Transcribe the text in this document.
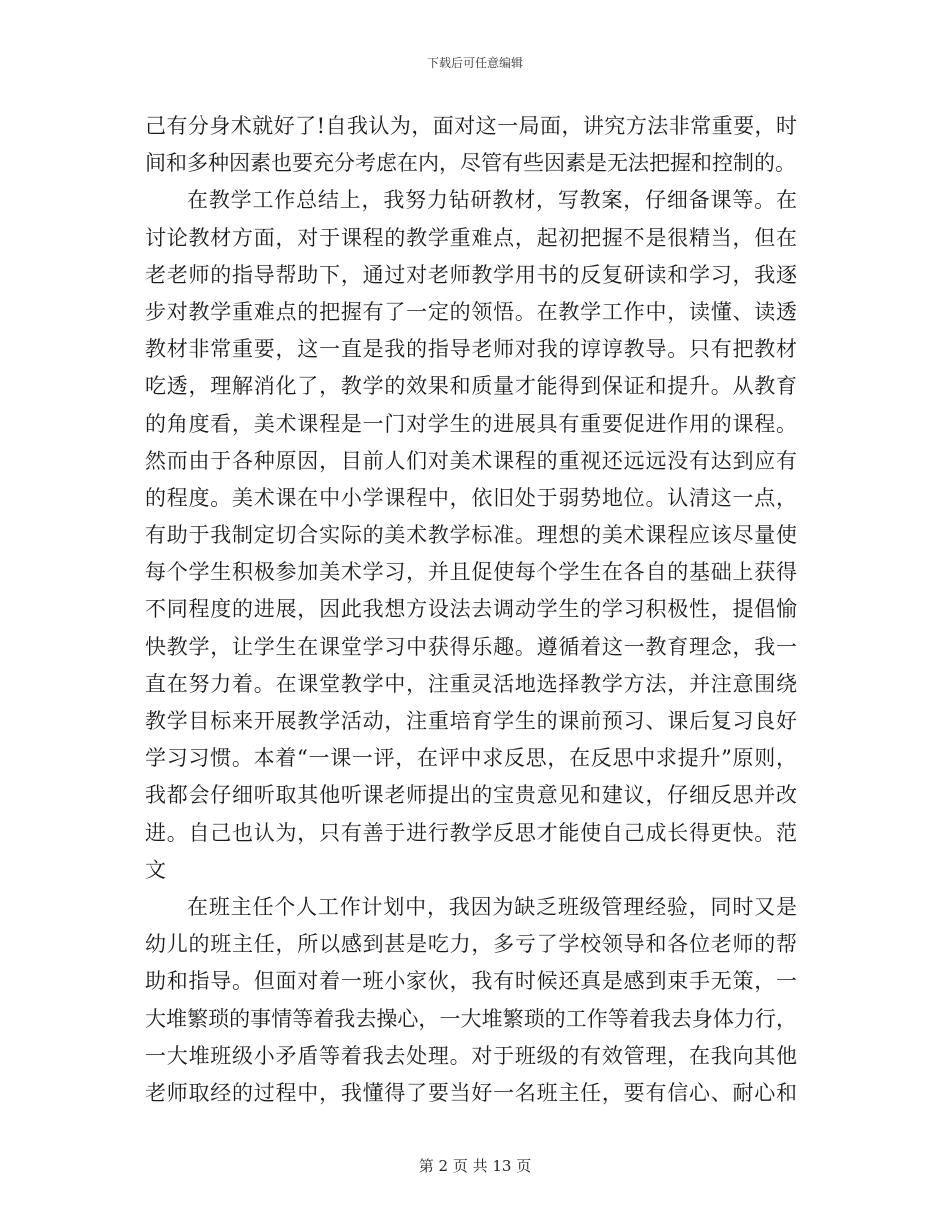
下载后可任意编辑
己有分身术就好了!自我认为，面对这一局面，讲究方法非常重要，时
间和多种因素也要充分考虑在内，尽管有些因素是无法把握和控制的。
在教学工作总结上，我努力钻研教材，写教案，仔细备课等。在
讨论教材方面，对于课程的教学重难点，起初把握不是很精当，但在
老老师的指导帮助下，通过对老师教学用书的反复研读和学习，我逐
步对教学重难点的把握有了一定的领悟。在教学工作中，读懂、读透
教材非常重要，这一直是我的指导老师对我的谆谆教导。只有把教材
吃透，理解消化了，教学的效果和质量才能得到保证和提升。从教育
的角度看，美术课程是一门对学生的进展具有重要促进作用的课程。
然而由于各种原因，目前人们对美术课程的重视还远远没有达到应有
的程度。美术课在中小学课程中，依旧处于弱势地位。认清这一点，
有助于我制定切合实际的美术教学标准。理想的美术课程应该尽量使
每个学生积极参加美术学习，并且促使每个学生在各自的基础上获得
不同程度的进展，因此我想方设法去调动学生的学习积极性，提倡愉
快教学，让学生在课堂学习中获得乐趣。遵循着这一教育理念，我一
直在努力着。在课堂教学中，注重灵活地选择教学方法，并注意围绕
教学目标来开展教学活动，注重培育学生的课前预习、课后复习良好
学习习惯。本着“一课一评，在评中求反思，在反思中求提升”原则，
我都会仔细听取其他听课老师提出的宝贵意见和建议，仔细反思并改
进。自己也认为，只有善于进行教学反思才能使自己成长得更快。范
文
在班主任个人工作计划中，我因为缺乏班级管理经验，同时又是
幼儿的班主任，所以感到甚是吃力，多亏了学校领导和各位老师的帮
助和指导。但面对着一班小家伙，我有时候还真是感到束手无策，一
大堆繁琐的事情等着我去操心，一大堆繁琐的工作等着我去身体力行，
一大堆班级小矛盾等着我去处理。对于班级的有效管理，在我向其他
老师取经的过程中，我懂得了要当好一名班主任，要有信心、耐心和
第 2 页 共 13 页
